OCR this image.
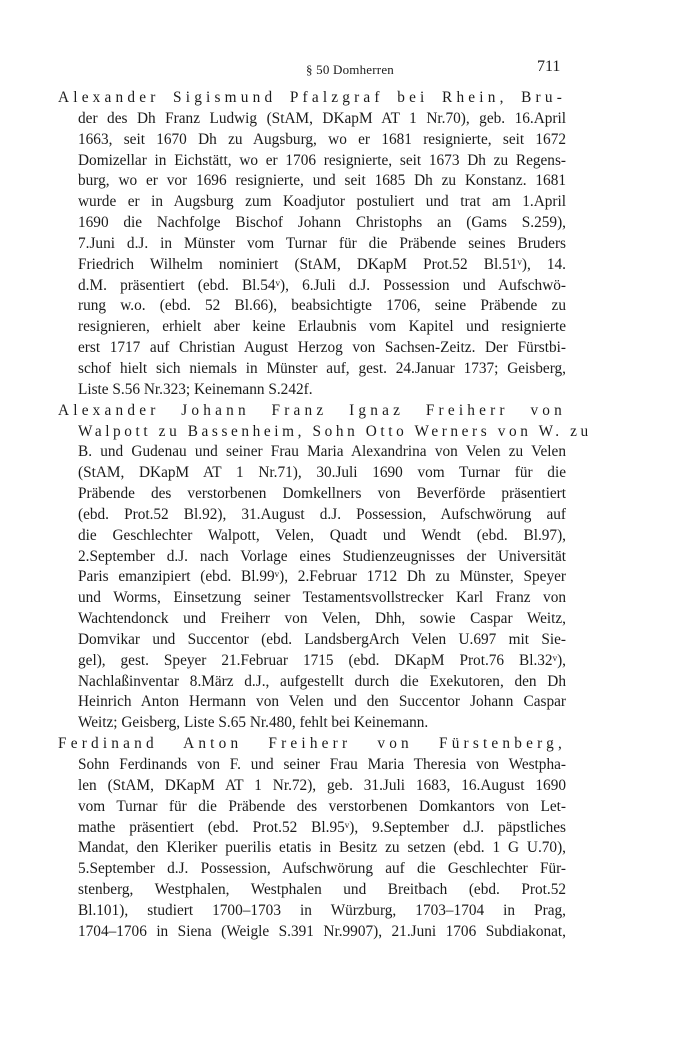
§ 50 Domherren	711
Alexander Sigismund Pfalzgraf bei Rhein, Bru-
der des Dh Franz Ludwig (StAM, DKapM AT 1 Nr.70), geb. 16.April
1663, seit 1670 Dh zu Augsburg, wo er 1681 resignierte, seit 1672
Domizellar in Eichstätt, wo er 1706 resignierte, seit 1673 Dh zu Regens-
burg, wo er vor 1696 resignierte, und seit 1685 Dh zu Konstanz. 1681
wurde er in Augsburg zum Koadjutor postuliert und trat am 1.April
1690 die Nachfolge Bischof Johann Christophs an (Gams S.259),
7.Juni d.J. in Münster vom Turnar für die Präbende seines Bruders
Friedrich Wilhelm nominiert (StAM, DKapM Prot.52 Bl.51ᵛ), 14.
d.M. präsentiert (ebd. Bl.54ᵛ), 6.Juli d.J. Possession und Aufschwö-
rung w.o. (ebd. 52 Bl.66), beabsichtigte 1706, seine Präbende zu
resignieren, erhielt aber keine Erlaubnis vom Kapitel und resignierte
erst 1717 auf Christian August Herzog von Sachsen-Zeitz. Der Fürstbi-
schof hielt sich niemals in Münster auf, gest. 24.Januar 1737; Geisberg,
Liste S.56 Nr.323; Keinemann S.242f.
Alexander Johann Franz Ignaz Freiherr von
Walpott zu Bassenheim, Sohn Otto Werners von W. zu
B. und Gudenau und seiner Frau Maria Alexandrina von Velen zu Velen
(StAM, DKapM AT 1 Nr.71), 30.Juli 1690 vom Turnar für die
Präbende des verstorbenen Domkellners von Beverförde präsentiert
(ebd. Prot.52 Bl.92), 31.August d.J. Possession, Aufschwörung auf
die Geschlechter Walpott, Velen, Quadt und Wendt (ebd. Bl.97),
2.September d.J. nach Vorlage eines Studienzeugnisses der Universität
Paris emanzipiert (ebd. Bl.99ᵛ), 2.Februar 1712 Dh zu Münster, Speyer
und Worms, Einsetzung seiner Testamentsvollstrecker Karl Franz von
Wachtendonck und Freiherr von Velen, Dhh, sowie Caspar Weitz,
Domvikar und Succentor (ebd. LandsbergArch Velen U.697 mit Sie-
gel), gest. Speyer 21.Februar 1715 (ebd. DKapM Prot.76 Bl.32ᵛ),
Nachlaßinventar 8.März d.J., aufgestellt durch die Exekutoren, den Dh
Heinrich Anton Hermann von Velen und den Succentor Johann Caspar
Weitz; Geisberg, Liste S.65 Nr.480, fehlt bei Keinemann.
Ferdinand Anton Freiherr von Fürstenberg,
Sohn Ferdinands von F. und seiner Frau Maria Theresia von Westpha-
len (StAM, DKapM AT 1 Nr.72), geb. 31.Juli 1683, 16.August 1690
vom Turnar für die Präbende des verstorbenen Domkantors von Let-
mathe präsentiert (ebd. Prot.52 Bl.95ᵛ), 9.September d.J. päpstliches
Mandat, den Kleriker puerilis etatis in Besitz zu setzen (ebd. 1 G U.70),
5.September d.J. Possession, Aufschwörung auf die Geschlechter Für-
stenberg, Westphalen, Westphalen und Breitbach (ebd. Prot.52
Bl.101), studiert 1700–1703 in Würzburg, 1703–1704 in Prag,
1704–1706 in Siena (Weigle S.391 Nr.9907), 21.Juni 1706 Subdiakonat,
